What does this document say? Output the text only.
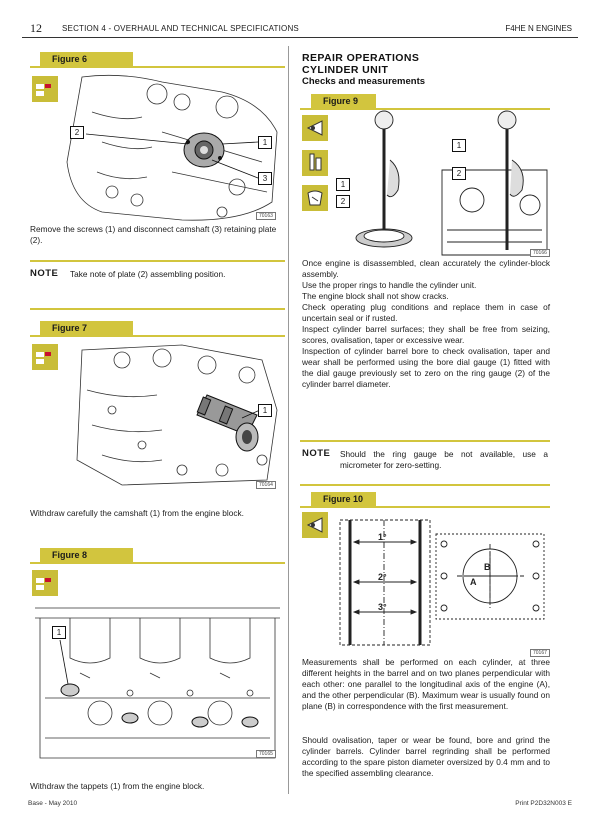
12	SECTION 4 - OVERHAUL AND TECHNICAL SPECIFICATIONS	F4HE N ENGINES
Figure 6
2
1
3
70163
Remove the screws (1) and disconnect camshaft (3) retaining plate (2).
NOTE Take note of plate (2) assembling position.
Figure 7
1
70164
Withdraw carefully the camshaft (1) from the engine block.
Figure 8
1
70165
Withdraw the tappets (1) from the engine block.
REPAIR OPERATIONS
CYLINDER UNIT
Checks and measurements
Figure 9
1
2
1
2
70166
Once engine is disassembled, clean accurately the cylinder-block assembly.
Use the proper rings to handle the cylinder unit.
The engine block shall not show cracks.
Check operating plug conditions and replace them in case of uncertain seal or if rusted.
Inspect cylinder barrel surfaces; they shall be free from seizing, scores, ovalisation, taper or excessive wear.
Inspection of cylinder barrel bore to check ovalisation, taper and wear shall be performed using the bore dial gauge (1) fitted with the dial gauge previously set to zero on the ring gauge (2) of the cylinder barrel diameter.
NOTE Should the ring gauge be not available, use a micrometer for zero-setting.
Figure 10
1°
2°
3°
B
A
70167
Measurements shall be performed on each cylinder, at three different heights in the barrel and on two planes perpendicular with each other: one parallel to the longitudinal axis of the engine (A), and the other perpendicular (B). Maximum wear is usually found on plane (B) in correspondence with the first measurement.
Should ovalisation, taper or wear be found, bore and grind the cylinder barrels. Cylinder barrel regrinding shall be performed according to the spare piston diameter oversized by 0.4 mm and to the specified assembling clearance.
Base - May 2010	Print P2D32N003 E
